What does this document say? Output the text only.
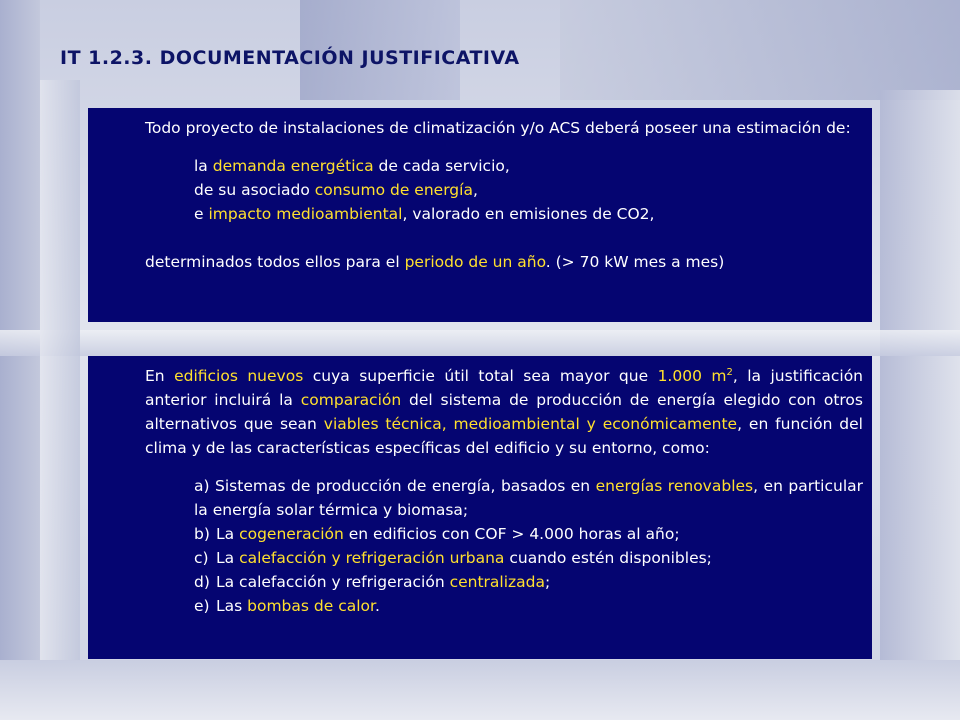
IT 1.2.3. DOCUMENTACIÓN JUSTIFICATIVA

Todo proyecto de instalaciones de climatización y/o ACS deberá poseer una estimación de:

la demanda energética de cada servicio,

de su asociado consumo de energía,

e impacto medioambiental, valorado en emisiones de CO2,

determinados todos ellos para el periodo de un año. (> 70 kW mes a mes)

En edificios nuevos cuya superficie útil total sea mayor que 1.000 $m^2$, la justificación anterior incluirá la comparación del sistema de producción de energía elegido con otros alternativos que sean viables técnica, medioambiental y económicamente, en función del clima y de las características específicas del edificio y su entorno, como:

a) Sistemas de producción de energía, basados en energías renovables, en particular la energía solar térmica y biomasa;

b) La cogeneración en edificios con COF > 4.000 horas al año;

c) La calefacción y refrigeración urbana cuando estén disponibles;

d) La calefacción y refrigeración centralizada;

e) Las bombas de calor.
